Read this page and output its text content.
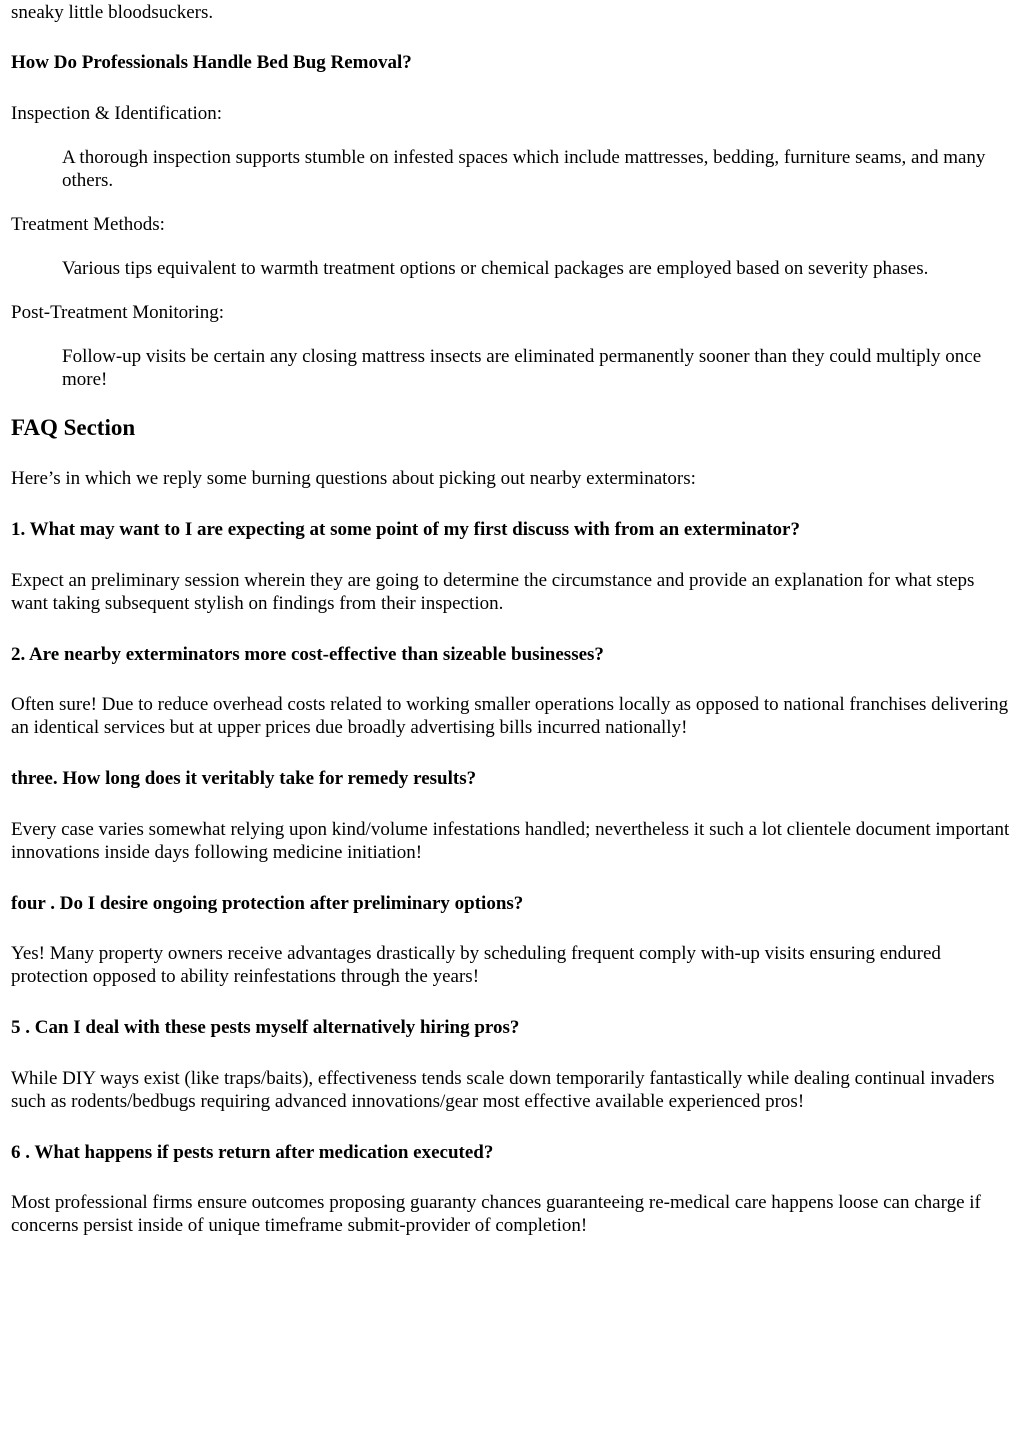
sneaky little bloodsuckers.

How Do Professionals Handle Bed Bug Removal?

Inspection & Identification:

A thorough inspection supports stumble on infested spaces which include mattresses, bedding, furniture seams, and many others.

Treatment Methods:

Various tips equivalent to warmth treatment options or chemical packages are employed based on severity phases.

Post-Treatment Monitoring:

Follow-up visits be certain any closing mattress insects are eliminated permanently sooner than they could multiply once more!

FAQ Section

Here’s in which we reply some burning questions about picking out nearby exterminators:

1. What may want to I are expecting at some point of my first discuss with from an exterminator?

Expect an preliminary session wherein they are going to determine the circumstance and provide an explanation for what steps want taking subsequent stylish on findings from their inspection.

2. Are nearby exterminators more cost-effective than sizeable businesses?

Often sure! Due to reduce overhead costs related to working smaller operations locally as opposed to national franchises delivering an identical services but at upper prices due broadly advertising bills incurred nationally!

three. How long does it veritably take for remedy results?

Every case varies somewhat relying upon kind/volume infestations handled; nevertheless it such a lot clientele document important innovations inside days following medicine initiation!

four . Do I desire ongoing protection after preliminary options?

Yes! Many property owners receive advantages drastically by scheduling frequent comply with-up visits ensuring endured protection opposed to ability reinfestations through the years!

5 . Can I deal with these pests myself alternatively hiring pros?

While DIY ways exist (like traps/baits), effectiveness tends scale down temporarily fantastically while dealing continual invaders such as rodents/bedbugs requiring advanced innovations/gear most effective available experienced pros!

6 . What happens if pests return after medication executed?

Most professional firms ensure outcomes proposing guaranty chances guaranteeing re-medical care happens loose can charge if concerns persist inside of unique timeframe submit-provider of completion!
